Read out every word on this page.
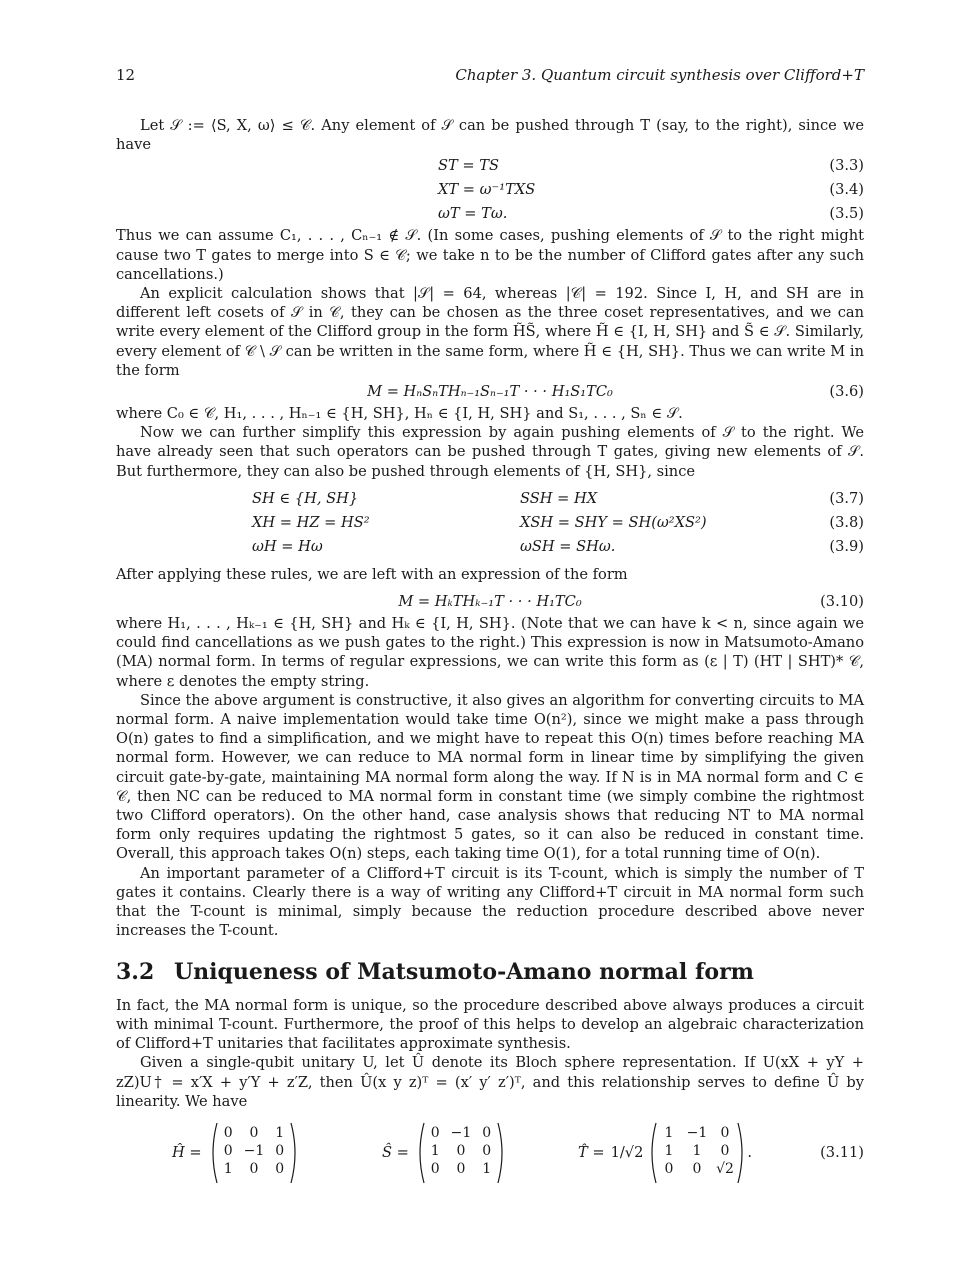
12	Chapter 3. Quantum circuit synthesis over Clifford+T

Let 𝒮 := ⟨S, X, ω⟩ ≤ 𝒞. Any element of 𝒮 can be pushed through T (say, to the right), since we have

ST = TS	(3.3)
XT = ω⁻¹TXS	(3.4)
ωT = Tω.	(3.5)

Thus we can assume C₁, . . . , Cₙ₋₁ ∉ 𝒮. (In some cases, pushing elements of 𝒮 to the right might cause two T gates to merge into S ∈ 𝒞; we take n to be the number of Clifford gates after any such cancellations.)

An explicit calculation shows that |𝒮| = 64, whereas |𝒞| = 192. Since I, H, and SH are in different left cosets of 𝒮 in 𝒞, they can be chosen as the three coset representatives, and we can write every element of the Clifford group in the form H̃S̃, where H̃ ∈ {I, H, SH} and S̃ ∈ 𝒮. Similarly, every element of 𝒞 \ 𝒮 can be written in the same form, where H̃ ∈ {H, SH}. Thus we can write M in the form

M = HₙSₙTHₙ₋₁Sₙ₋₁T · · · H₁S₁TC₀	(3.6)

where C₀ ∈ 𝒞, H₁, . . . , Hₙ₋₁ ∈ {H, SH}, Hₙ ∈ {I, H, SH} and S₁, . . . , Sₙ ∈ 𝒮.

Now we can further simplify this expression by again pushing elements of 𝒮 to the right. We have already seen that such operators can be pushed through T gates, giving new elements of 𝒮. But furthermore, they can also be pushed through elements of {H, SH}, since

SH ∈ {H, SH}	SSH = HX	(3.7)
XH = HZ = HS²	XSH = SHY = SH(ω²XS²)	(3.8)
ωH = Hω	ωSH = SHω.	(3.9)

After applying these rules, we are left with an expression of the form

M = HₖTHₖ₋₁T · · · H₁TC₀	(3.10)

where H₁, . . . , Hₖ₋₁ ∈ {H, SH} and Hₖ ∈ {I, H, SH}. (Note that we can have k < n, since again we could find cancellations as we push gates to the right.) This expression is now in Matsumoto-Amano (MA) normal form. In terms of regular expressions, we can write this form as (ε | T) (HT | SHT)* 𝒞, where ε denotes the empty string.

Since the above argument is constructive, it also gives an algorithm for converting circuits to MA normal form. A naive implementation would take time O(n²), since we might make a pass through O(n) gates to find a simplification, and we might have to repeat this O(n) times before reaching MA normal form. However, we can reduce to MA normal form in linear time by simplifying the given circuit gate-by-gate, maintaining MA normal form along the way. If N is in MA normal form and C ∈ 𝒞, then NC can be reduced to MA normal form in constant time (we simply combine the rightmost two Clifford operators). On the other hand, case analysis shows that reducing NT to MA normal form only requires updating the rightmost 5 gates, so it can also be reduced in constant time. Overall, this approach takes O(n) steps, each taking time O(1), for a total running time of O(n).

An important parameter of a Clifford+T circuit is its T-count, which is simply the number of T gates it contains. Clearly there is a way of writing any Clifford+T circuit in MA normal form such that the T-count is minimal, simply because the reduction procedure described above never increases the T-count.

3.2 Uniqueness of Matsumoto-Amano normal form

In fact, the MA normal form is unique, so the procedure described above always produces a circuit with minimal T-count. Furthermore, the proof of this helps to develop an algebraic characterization of Clifford+T unitaries that facilitates approximate synthesis.

Given a single-qubit unitary U, let Û denote its Bloch sphere representation. If U(xX + yY + zZ)U† = x′X + y′Y + z′Z, then Û(x y z)ᵀ = (x′ y′ z′)ᵀ, and this relationship serves to define Û by linearity. We have

Ĥ =
0 0 1
0 −1 0
1 0 0
Ŝ =
0 −1 0
1 0 0
0 0 1
T̂ = 1/√2
1 −1 0
1 1 0
0 0 √2
.	(3.11)
